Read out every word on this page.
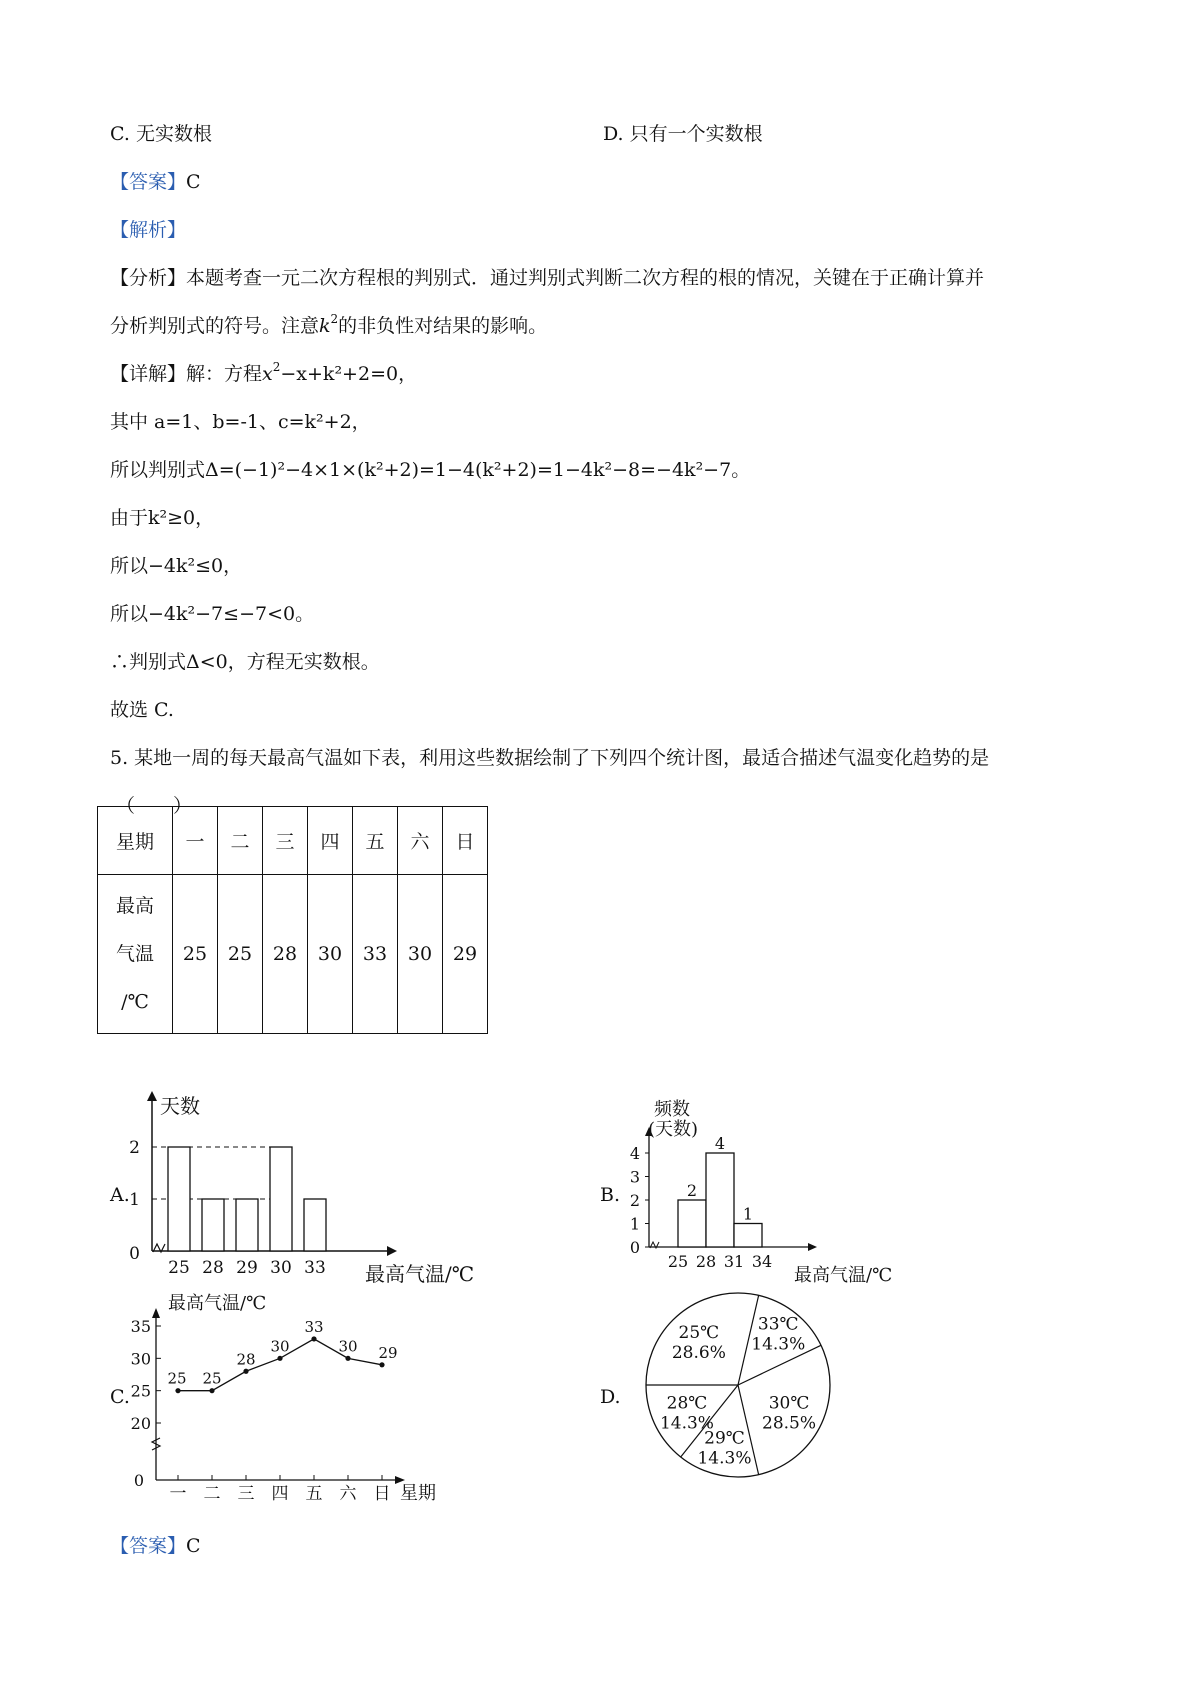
C. 无实数根	D. 只有一个实数根
【答案】C
【解析】
【分析】本题考查一元二次方程根的判别式．通过判别式判断二次方程的根的情况，关键在于正确计算并
分析判别式的符号。注意$k^2$的非负性对结果的影响。
【详解】解：方程$x^2-x+k^2+2=0$，
其中 a=1、b=-1、c=k²+2，
所以判别式Δ=(−1)²−4×1×(k²+2)=1−4(k²+2)=1−4k²−8=−4k²−7。
由于k²≥0，
所以−4k²≤0，
所以−4k²−7≤−7<0。
∴判别式Δ<0，方程无实数根。
故选 C.
5. 某地一周的每天最高气温如下表，利用这些数据绘制了下列四个统计图，最适合描述气温变化趋势的是
（　　）
星期	一	二	三	四	五	六	日

最高
气温
/℃	25	25	28	30	33	30	29
A.
天数
最高气温/℃
0
1
2
25 28 29 30 33
B.
频数
(天数)
最高气温/℃
0
1
2
3
4
2
4
1
25 28 31 34
C.
最高气温/℃
星期
0
20
25
30
35
一
25
二
25
三
28
四
30
五
33
六
30
日
29
D.
25℃
28.6%
33℃
14.3%
30℃
28.5%
29℃
14.3%
28℃
14.3%
【答案】C
